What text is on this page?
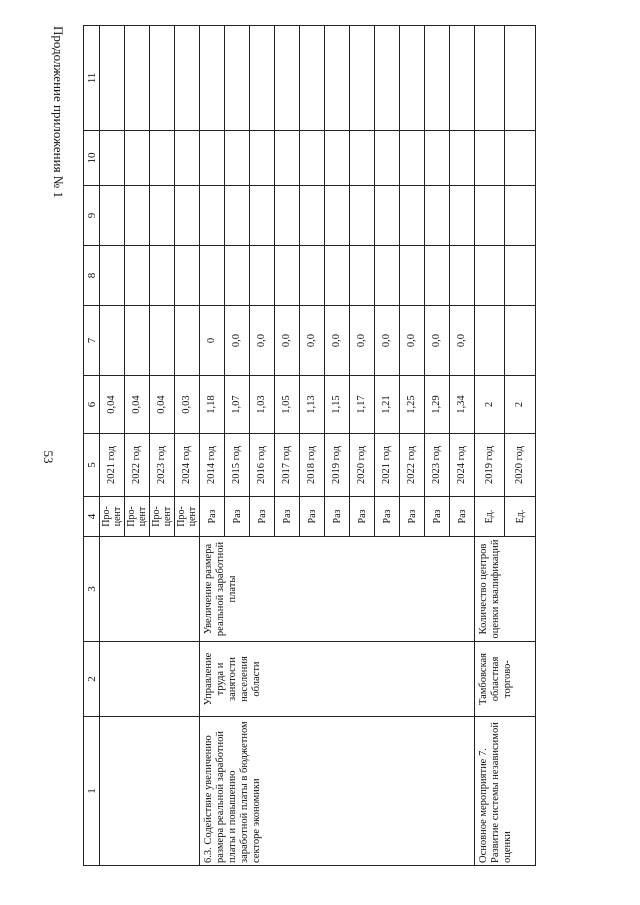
53
Продолжение приложения № 1
1	2	3	4	5	6	7	8	9	10	11
			Про-цент	2021 год	0,04					
			Про-цент	2022 год	0,04					
			Про-цент	2023 год	0,04					
			Про-цент	2024 год	0,03					
6.3. Содействие увеличению размера реальной заработной платы и повышению заработной платы в бюджетном секторе экономики	Управление труда и занятости населения области	Увеличение размера реальной заработной платы	Раз	2014 год	1,18	0				
			Раз	2015 год	1,07	0,0				
			Раз	2016 год	1,03	0,0				
			Раз	2017 год	1,05	0,0				
			Раз	2018 год	1,13	0,0				
			Раз	2019 год	1,15	0,0				
			Раз	2020 год	1,17	0,0				
			Раз	2021 год	1,21	0,0				
			Раз	2022 год	1,25	0,0				
			Раз	2023 год	1,29	0,0				
			Раз	2024 год	1,34	0,0				
Основное мероприятие 7. Развитие системы независимой оценки	Тамбовская областная торгово-	Количество центров оценки квалификаций	Ед.	2019 год	2					
			Ед.	2020 год	2					
